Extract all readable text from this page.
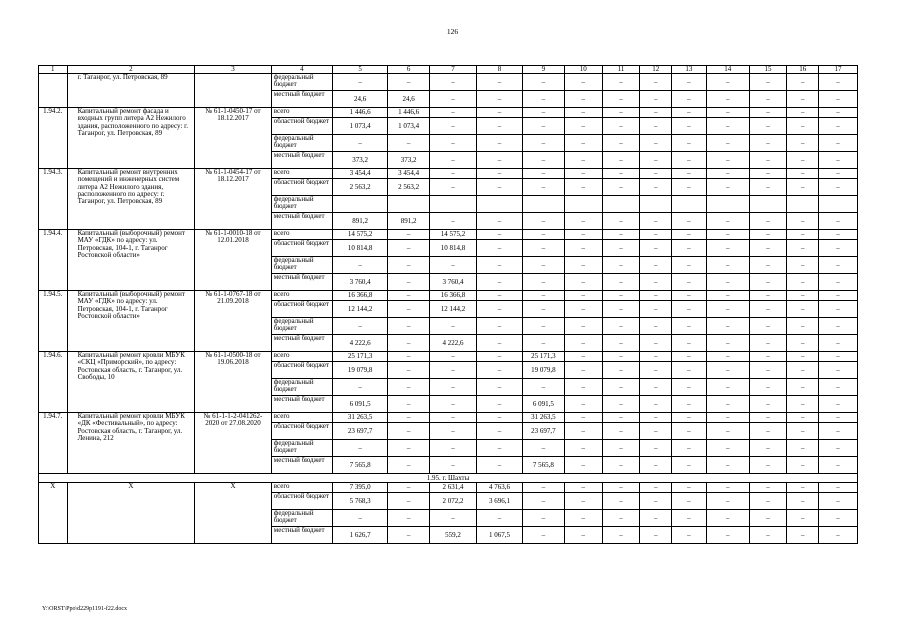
126
1	2	3	4	5	6	7	8	9	10	11	12	13	14	15	16	17
	г. Таганрог, ул. Петровская, 89		федеральный бюджет	–	–	–	–	–	–	–	–	–	–	–	–	–
			местный бюджет	24,6	24,6	–	–	–	–	–	–	–	–	–	–	–
1.94.2.	Капитальный ремонт фасада и входных групп литера А2 Нежилого здания, расположенного по адресу: г. Таганрог, ул. Петровская, 89	№ 61-1-0450-17 от 18.12.2017	всего	1 446,6	1 446,6	–	–	–	–	–	–	–	–	–	–	–
			областной бюджет	1 073,4	1 073,4	–	–	–	–	–	–	–	–	–	–	–
			федеральный бюджет	–	–	–	–	–	–	–	–	–	–	–	–	–
			местный бюджет	373,2	373,2	–	–	–	–	–	–	–	–	–	–	–
1.94.3.	Капитальный ремонт внутренних помещений и инженерных систем литера А2 Нежилого здания, расположенного по адресу: г. Таганрог, ул. Петровская, 89	№ 61-1-0454-17 от 18.12.2017	всего	3 454,4	3 454,4	–	–	–	–	–	–	–	–	–	–	–
			областной бюджет	2 563,2	2 563,2	–	–	–	–	–	–	–	–	–	–	–
			федеральный бюджет													
			местный бюджет	891,2	891,2	–	–	–	–	–	–	–	–	–	–	–
1.94.4.	Капитальный (выборочный) ремонт МАУ «ГДК» по адресу: ул. Петровская, 104-1, г. Таганрог Ростовской области»	№ 61-1-0010-18 от 12.01.2018	всего	14 575,2	–	14 575,2	–	–	–	–	–	–	–	–	–	–
			областной бюджет	10 814,8	–	10 814,8	–	–	–	–	–	–	–	–	–	–
			федеральный бюджет	–	–	–	–	–	–	–	–	–	–	–	–	–
			местный бюджет	3 760,4	–	3 760,4	–	–	–	–	–	–	–	–	–	–
1.94.5.	Капитальный (выборочный) ремонт МАУ «ГДК» по адресу: ул. Петровская, 104-1, г. Таганрог Ростовской области»	№ 61-1-0767-18 от 21.09.2018	всего	16 366,8	–	16 366,8	–	–	–	–	–	–	–	–	–	–
			областной бюджет	12 144,2	–	12 144,2	–	–	–	–	–	–	–	–	–	–
			федеральный бюджет	–	–	–	–	–	–	–	–	–	–	–	–	–
			местный бюджет	4 222,6	–	4 222,6	–	–	–	–	–	–	–	–	–	–
1.94.6.	Капитальный ремонт кровли МБУК «СКЦ «Приморский», по адресу: Ростовская область, г. Таганрог, ул. Свободы, 10	№ 61-1-0500-18 от 19.06.2018	всего	25 171,3	–	–	–	25 171,3	–	–	–	–	–	–	–	–
			областной бюджет	19 079,8	–	–	–	19 079,8	–	–	–	–	–	–	–	–
			федеральный бюджет	–	–	–	–	–	–	–	–	–	–	–	–	–
			местный бюджет	6 091,5	–	–	–	6 091,5	–	–	–	–	–	–	–	–
1.94.7.	Капитальный ремонт кровли МБУК «ДК «Фестивальный», по адресу: Ростовская область, г. Таганрог, ул. Ленина, 212	№ 61-1-1-2-041262-2020 от 27.08.2020	всего	31 263,5	–	–	–	31 263,5	–	–	–	–	–	–	–	–
			областной бюджет	23 697,7	–	–	–	23 697,7	–	–	–	–	–	–	–	–
			федеральный бюджет	–	–	–	–	–	–	–	–	–	–	–	–	–
			местный бюджет	7 565,8	–	–	–	7 565,8	–	–	–	–	–	–	–	–
1.95. г. Шахты																
X	X	X	всего	7 395,0	–	2 631,4	4 763,6	–	–	–	–	–	–	–	–	–
			областной бюджет	5 768,3	–	2 072,2	3 696,1	–	–	–	–	–	–	–	–	–
			федеральный бюджет	–	–	–	–	–	–	–	–	–	–	–	–	–
			местный бюджет	1 626,7	–	559,2	1 067,5	–	–	–	–	–	–	–	–	–
Y:\ORST\Ppo\d229p1191-f22.docx
